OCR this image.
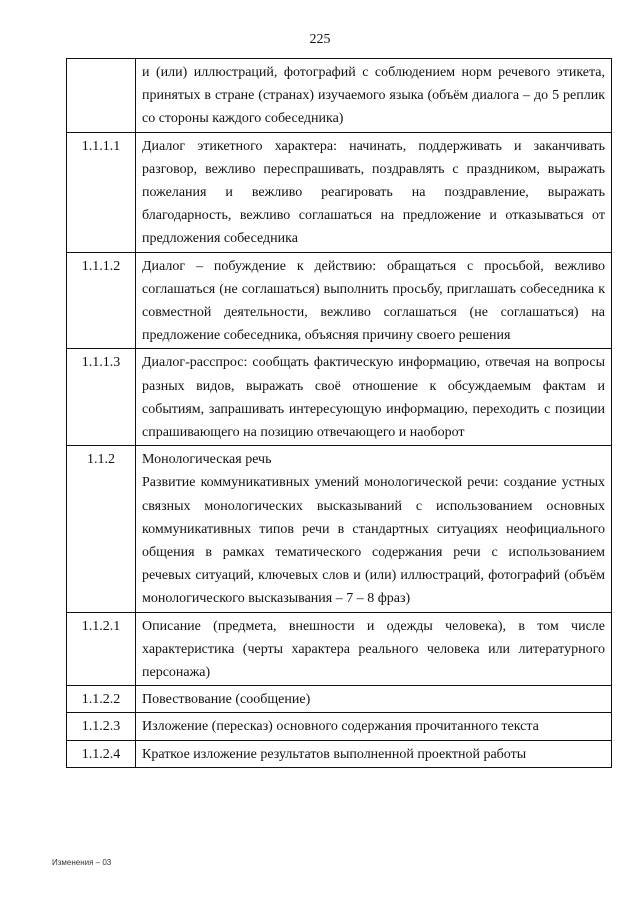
225

	и (или) иллюстраций, фотографий с соблюдением норм речевого этикета, принятых в стране (странах) изучаемого языка (объём диалога – до 5 реплик со стороны каждого собеседника)

1.1.1.1	Диалог этикетного характера: начинать, поддерживать и заканчивать разговор, вежливо переспрашивать, поздравлять с праздником, выражать пожелания и вежливо реагировать на поздравление, выражать благодарность, вежливо соглашаться на предложение и отказываться от предложения собеседника

1.1.1.2	Диалог – побуждение к действию: обращаться с просьбой, вежливо соглашаться (не соглашаться) выполнить просьбу, приглашать собеседника к совместной деятельности, вежливо соглашаться (не соглашаться) на предложение собеседника, объясняя причину своего решения

1.1.1.3	Диалог-расспрос: сообщать фактическую информацию, отвечая на вопросы разных видов, выражать своё отношение к обсуждаемым фактам и событиям, запрашивать интересующую информацию, переходить с позиции спрашивающего на позицию отвечающего и наоборот

1.1.2	Монологическая речь
Развитие коммуникативных умений монологической речи: создание устных связных монологических высказываний с использованием основных коммуникативных типов речи в стандартных ситуациях неофициального общения в рамках тематического содержания речи с использованием речевых ситуаций, ключевых слов и (или) иллюстраций, фотографий (объём монологического высказывания – 7 – 8 фраз)

1.1.2.1	Описание (предмета, внешности и одежды человека), в том числе характеристика (черты характера реального человека или литературного персонажа)

1.1.2.2	Повествование (сообщение)

1.1.2.3	Изложение (пересказ) основного содержания прочитанного текста

1.1.2.4	Краткое изложение результатов выполненной проектной работы
Изменения – 03
